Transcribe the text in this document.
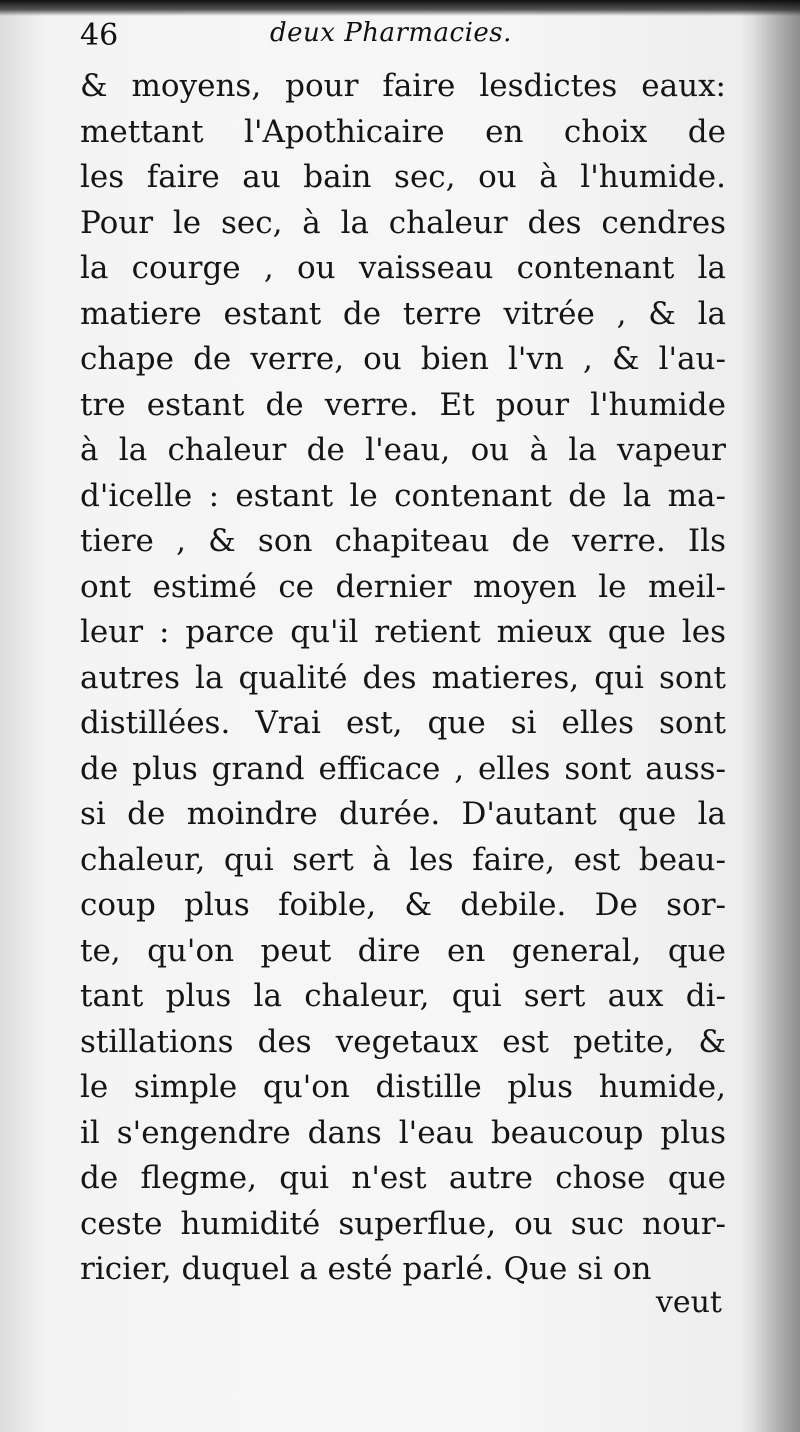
46	deux Pharmacies.
& moyens, pour faire lesdictes eaux:
mettant l'Apothicaire en choix de
les faire au bain sec, ou à l'humide.
Pour le sec, à la chaleur des cendres
la courge , ou vaisseau contenant la
matiere estant de terre vitrée , & la
chape de verre, ou bien l'vn , & l'au-
tre estant de verre. Et pour l'humide
à la chaleur de l'eau, ou à la vapeur
d'icelle : estant le contenant de la ma-
tiere , & son chapiteau de verre. Ils
ont estimé ce dernier moyen le meil-
leur : parce qu'il retient mieux que les
autres la qualité des matieres, qui sont
distillées. Vrai est, que si elles sont
de plus grand efficace , elles sont auss-
si de moindre durée. D'autant que la
chaleur, qui sert à les faire, est beau-
coup plus foible, & debile. De sor-
te, qu'on peut dire en general, que
tant plus la chaleur, qui sert aux di-
stillations des vegetaux est petite, &
le simple qu'on distille plus humide,
il s'engendre dans l'eau beaucoup plus
de flegme, qui n'est autre chose que
ceste humidité superflue, ou suc nour-
ricier, duquel a esté parlé. Que si on
veut
